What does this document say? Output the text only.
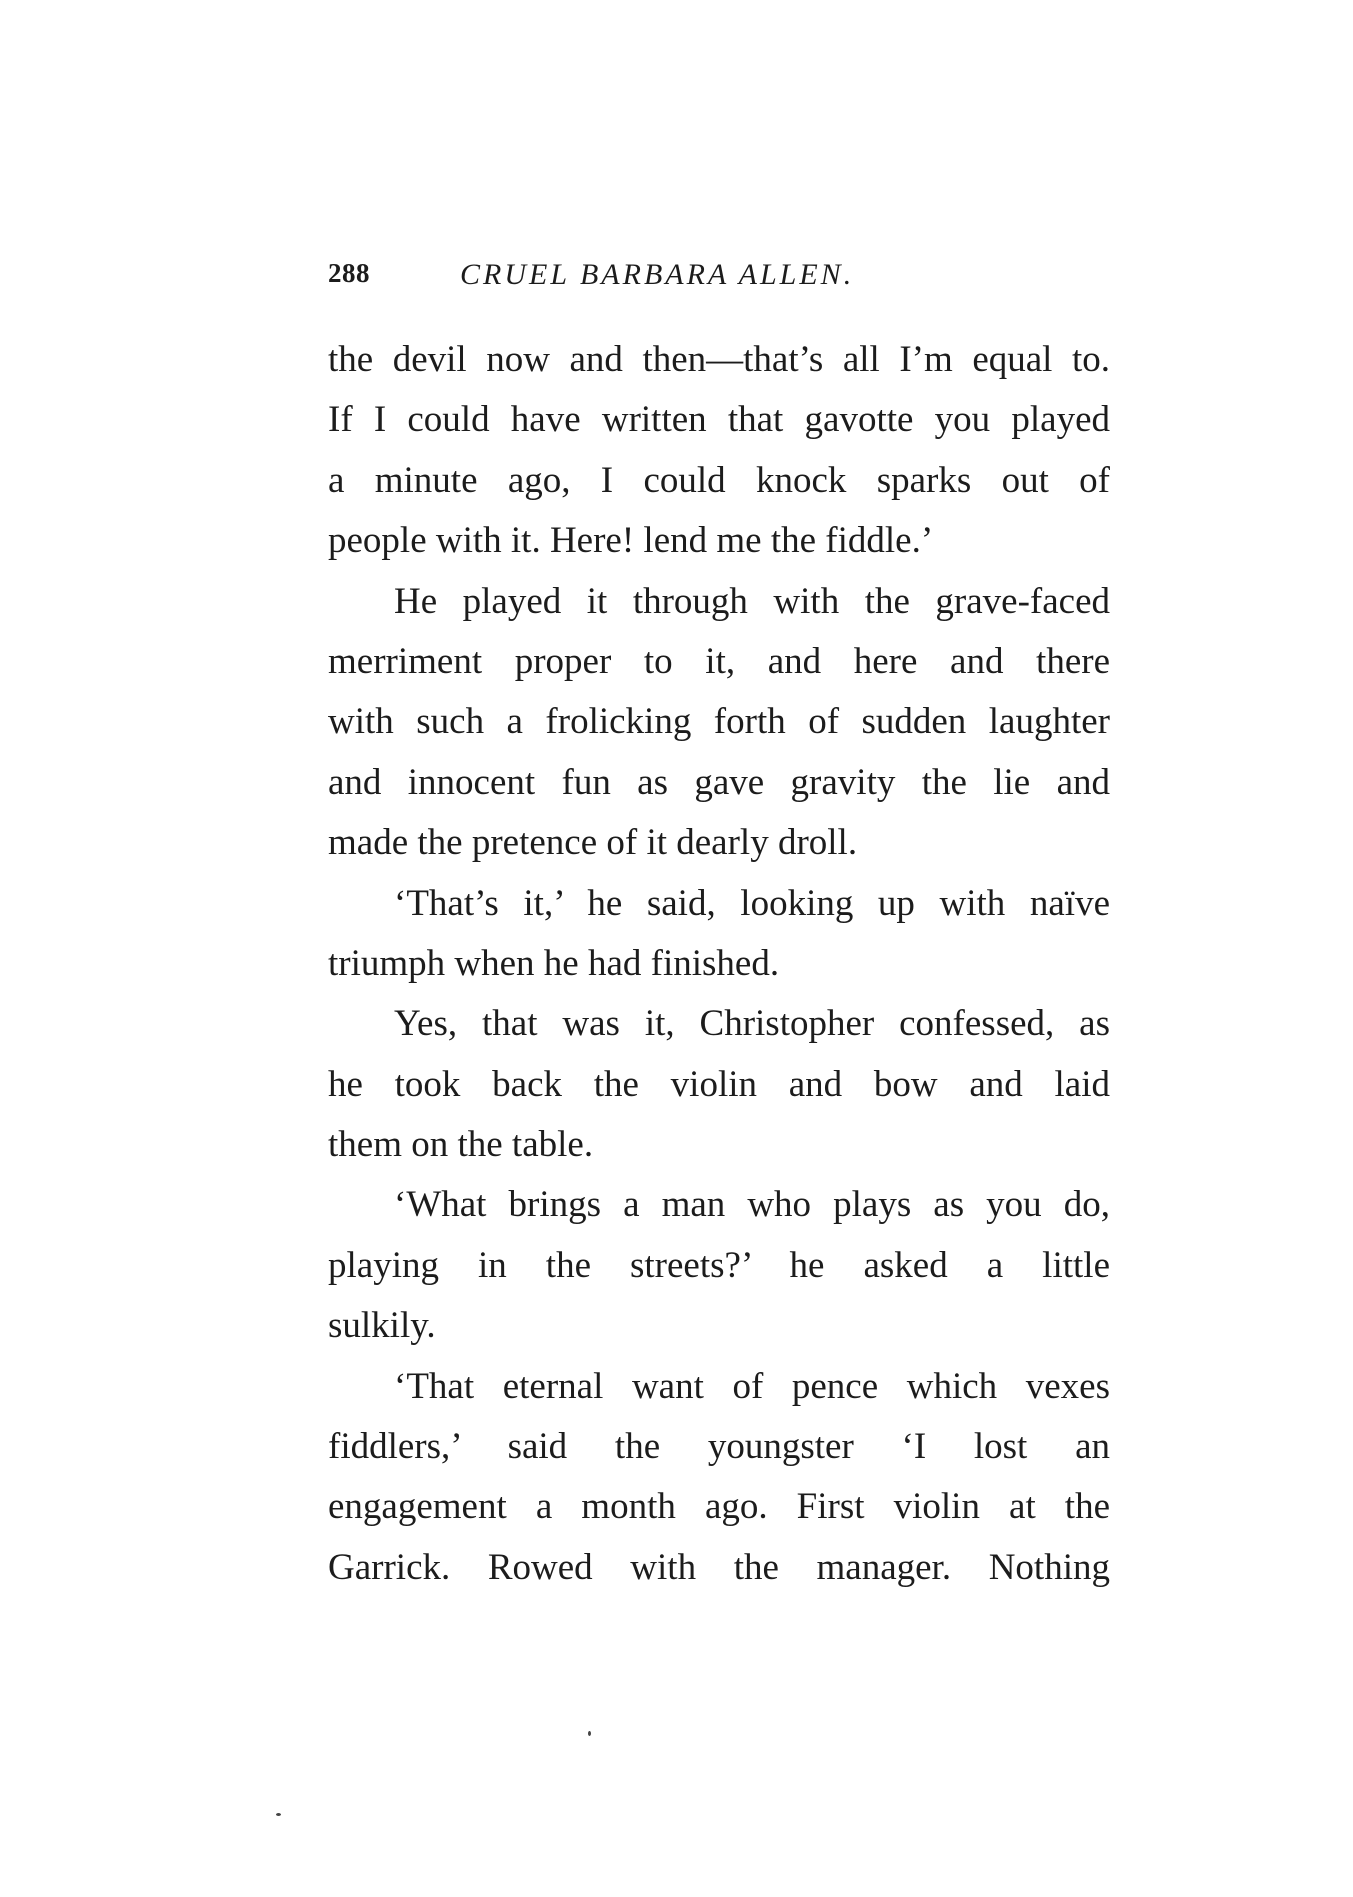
288	CRUEL BARBARA ALLEN.
the devil now and then—that’s all I’m equal to.
If I could have written that gavotte you played
a minute ago, I could knock sparks out of
people with it. Here! lend me the fiddle.’
He played it through with the grave-faced
merriment proper to it, and here and there
with such a frolicking forth of sudden laughter
and innocent fun as gave gravity the lie and
made the pretence of it dearly droll.
‘That’s it,’ he said, looking up with naïve
triumph when he had finished.
Yes, that was it, Christopher confessed, as
he took back the violin and bow and laid
them on the table.
‘What brings a man who plays as you do,
playing in the streets?’ he asked a little
sulkily.
‘That eternal want of pence which vexes
fiddlers,’ said the youngster ‘I lost an
engagement a month ago. First violin at the
Garrick. Rowed with the manager. Nothing
